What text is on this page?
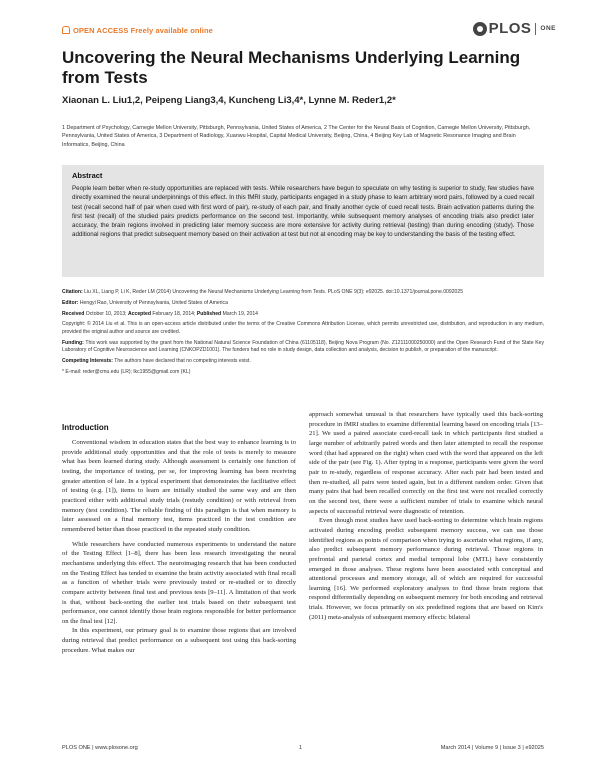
OPEN ACCESS Freely available online	PLOS ONE
Uncovering the Neural Mechanisms Underlying Learning from Tests
Xiaonan L. Liu1,2, Peipeng Liang3,4, Kuncheng Li3,4*, Lynne M. Reder1,2*
1 Department of Psychology, Carnegie Mellon University, Pittsburgh, Pennsylvania, United States of America, 2 The Center for the Neural Basis of Cognition, Carnegie Mellon University, Pittsburgh, Pennsylvania, United States of America, 3 Department of Radiology, Xuanwu Hospital, Capital Medical University, Beijing, China, 4 Beijing Key Lab of Magnetic Resonance Imaging and Brain Informatics, Beijing, China
Abstract

People learn better when re-study opportunities are replaced with tests. While researchers have begun to speculate on why testing is superior to study, few studies have directly examined the neural underpinnings of this effect. In this fMRI study, participants engaged in a study phase to learn arbitrary word pairs, followed by a cued recall test (recall second half of pair when cued with first word of pair), re-study of each pair, and finally another cycle of cued recall tests. Brain activation patterns during the first test (recall) of the studied pairs predicts performance on the second test. Importantly, while subsequent memory analyses of encoding trials also predict later accuracy, the brain regions involved in predicting later memory success are more extensive for activity during retrieval (testing) than during encoding (study). Those additional regions that predict subsequent memory based on their activation at test but not at encoding may be key to understanding the basis of the testing effect.

Citation: Liu XL, Liang P, Li K, Reder LM (2014) Uncovering the Neural Mechanisms Underlying Learning from Tests. PLoS ONE 9(3): e92025. doi:10.1371/journal.pone.0092025
Editor: Hengyi Rao, University of Pennsylvania, United States of America
Received October 10, 2013; Accepted February 18, 2014; Published March 19, 2014
Copyright: © 2014 Liu et al. This is an open-access article distributed under the terms of the Creative Commons Attribution License, which permits unrestricted use, distribution, and reproduction in any medium, provided the original author and source are credited.
Funding: This work was supported by the grant from the National Natural Science Foundation of China (61105118), Beijing Nova Program (No. Z12111000250000) and the Open Research Fund of the State Key Laboratory of Cognitive Neuroscience and Learning (CNKOPZD1001). The funders had no role in study design, data collection and analysis, decision to publish, or preparation of the manuscript.
Competing Interests: The authors have declared that no competing interests exist.
* E-mail: reder@cmu.edu (LR); lkc1955@gmail.com (KL)
Introduction

Conventional wisdom in education states that the best way to enhance learning is to provide additional study opportunities and that the role of tests is merely to measure what has been learned during study. Although assessment is certainly one function of testing, the importance of testing, per se, for improving learning has been receiving greater attention of late. In a typical experiment that demonstrates the facilitative effect of testing (e.g. [1]), items to learn are initially studied the same way and are then practiced either with additional study trials (restudy condition) or with retrieval from memory (test condition). The reliable finding of this paradigm is that when memory is later assessed on a final memory test, items practiced in the test condition are remembered better than those practiced in the repeated study condition.

While researchers have conducted numerous experiments to understand the nature of the Testing Effect [1–8], there has been less research investigating the neural mechanisms underlying this effect. The neuroimaging research that has been conducted on the Testing Effect has tended to examine the brain activity associated with final recall as a function of whether trials were previously tested or re-studied or to directly compare activity between final test and previous tests [9–11]. A limitation of that work is that, without back-sorting the earlier test trials based on their subsequent test performance, one cannot identify those brain regions responsible for better performance on the final test [12].

In this experiment, our primary goal is to examine those regions that are involved during retrieval that predict performance on a subsequent test using this back-sorting procedure. What makes our

approach somewhat unusual is that researchers have typically used this back-sorting procedure in fMRI studies to examine differential learning based on encoding trials [13–21]. We used a paired associate cued-recall task in which participants first studied a large number of arbitrarily paired words and then later attempted to recall the response word (that had appeared on the right) when cued with the word that appeared on the left side of the pair (see Fig. 1). After typing in a response, participants were given the word pair to re-study, regardless of response accuracy. After each pair had been tested and then re-studied, all pairs were tested again, but in a different random order. Given that many pairs that had been recalled correctly on the first test were not recalled correctly on the second test, there were a sufficient number of trials to examine which neural aspects of successful retrieval were diagnostic of retention.

Even though most studies have used back-sorting to determine which brain regions activated during encoding predict subsequent memory success, we can use those identified regions as points of comparison when trying to ascertain what regions, if any, also predict subsequent memory performance during retrieval. Those regions in prefrontal and parietal cortex and medial temporal lobe (MTL) have consistently emerged in those analyses. These regions have been associated with conceptual and attentional processes and memory storage, all of which are required for successful learning [16]. We performed exploratory analyses to find those brain regions that respond differentially depending on subsequent memory for both encoding and retrieval trials. However, we focus primarily on six predefined regions that are based on Kim's (2011) meta-analysis of subsequent memory effects: bilateral

PLOS ONE | www.plosone.org	1	March 2014 | Volume 9 | Issue 3 | e92025
